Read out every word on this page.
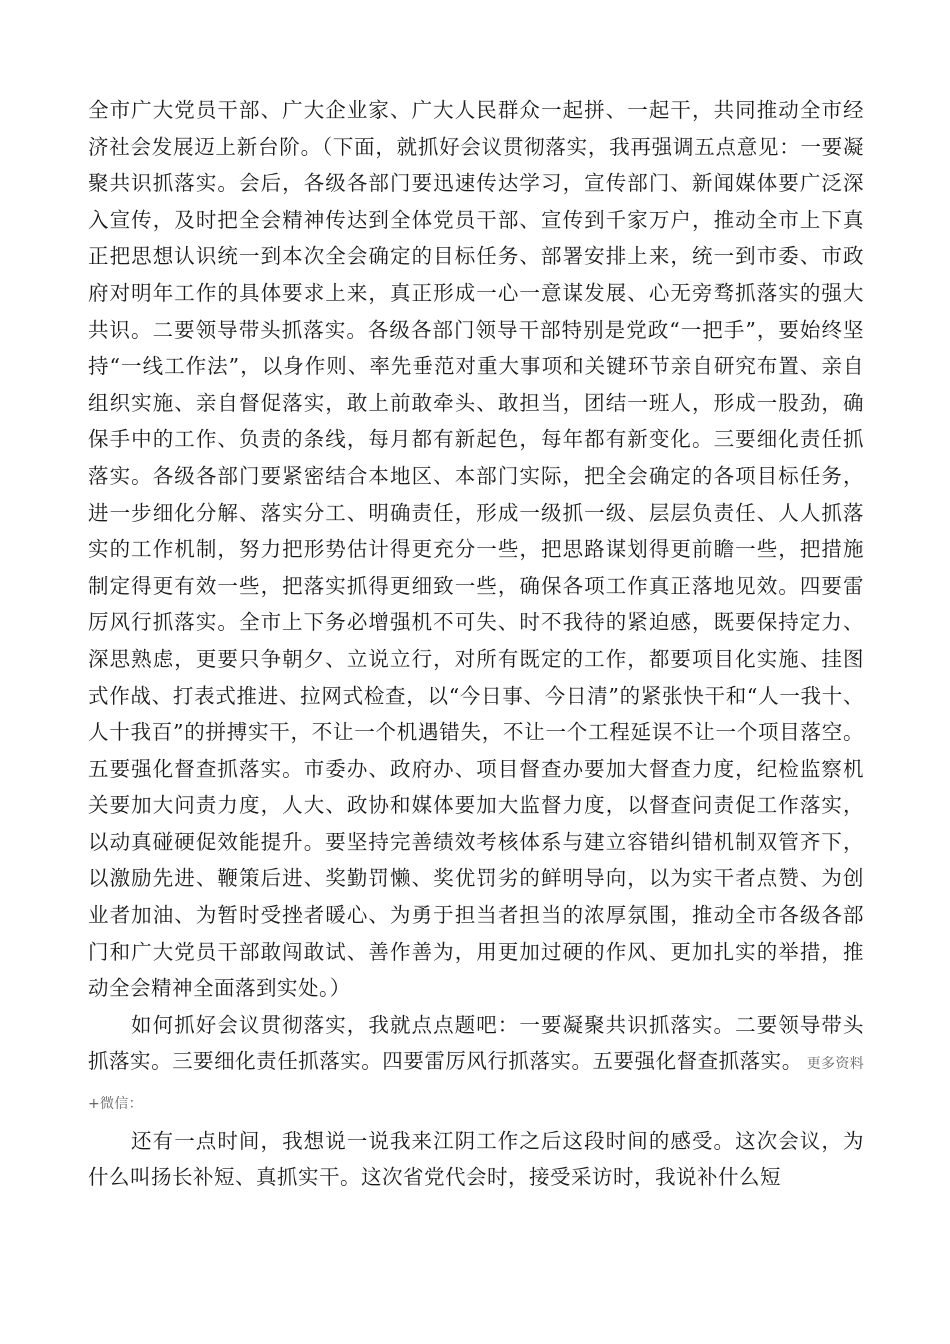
全市广大党员干部、广大企业家、广大人民群众一起拼、一起干，共同推动全市经济社会发展迈上新台阶。（下面，就抓好会议贯彻落实，我再强调五点意见：一要凝聚共识抓落实。会后，各级各部门要迅速传达学习，宣传部门、新闻媒体要广泛深入宣传，及时把全会精神传达到全体党员干部、宣传到千家万户，推动全市上下真正把思想认识统一到本次全会确定的目标任务、部署安排上来，统一到市委、市政府对明年工作的具体要求上来，真正形成一心一意谋发展、心无旁骛抓落实的强大共识。二要领导带头抓落实。各级各部门领导干部特别是党政“一把手”，要始终坚持“一线工作法”，以身作则、率先垂范对重大事项和关键环节亲自研究布置、亲自组织实施、亲自督促落实，敢上前敢牵头、敢担当，团结一班人，形成一股劲，确保手中的工作、负责的条线，每月都有新起色，每年都有新变化。三要细化责任抓落实。各级各部门要紧密结合本地区、本部门实际，把全会确定的各项目标任务，进一步细化分解、落实分工、明确责任，形成一级抓一级、层层负责任、人人抓落实的工作机制，努力把形势估计得更充分一些，把思路谋划得更前瞻一些，把措施制定得更有效一些，把落实抓得更细致一些，确保各项工作真正落地见效。四要雷厉风行抓落实。全市上下务必增强机不可失、时不我待的紧迫感，既要保持定力、深思熟虑，更要只争朝夕、立说立行，对所有既定的工作，都要项目化实施、挂图式作战、打表式推进、拉网式检查，以“今日事、今日清”的紧张快干和“人一我十、人十我百”的拼搏实干，不让一个机遇错失，不让一个工程延误不让一个项目落空。五要强化督查抓落实。市委办、政府办、项目督查办要加大督查力度，纪检监察机关要加大问责力度，人大、政协和媒体要加大监督力度，以督查问责促工作落实，以动真碰硬促效能提升。要坚持完善绩效考核体系与建立容错纠错机制双管齐下，以激励先进、鞭策后进、奖勤罚懒、奖优罚劣的鲜明导向，以为实干者点赞、为创业者加油、为暂时受挫者暖心、为勇于担当者担当的浓厚氛围，推动全市各级各部门和广大党员干部敢闯敢试、善作善为，用更加过硬的作风、更加扎实的举措，推动全会精神全面落到实处。）

如何抓好会议贯彻落实，我就点点题吧：一要凝聚共识抓落实。二要领导带头抓落实。三要细化责任抓落实。四要雷厉风行抓落实。五要强化督查抓落实。 更多资料 +微信：

还有一点时间，我想说一说我来江阴工作之后这段时间的感受。这次会议，为什么叫扬长补短、真抓实干。这次省党代会时，接受采访时，我说补什么短
